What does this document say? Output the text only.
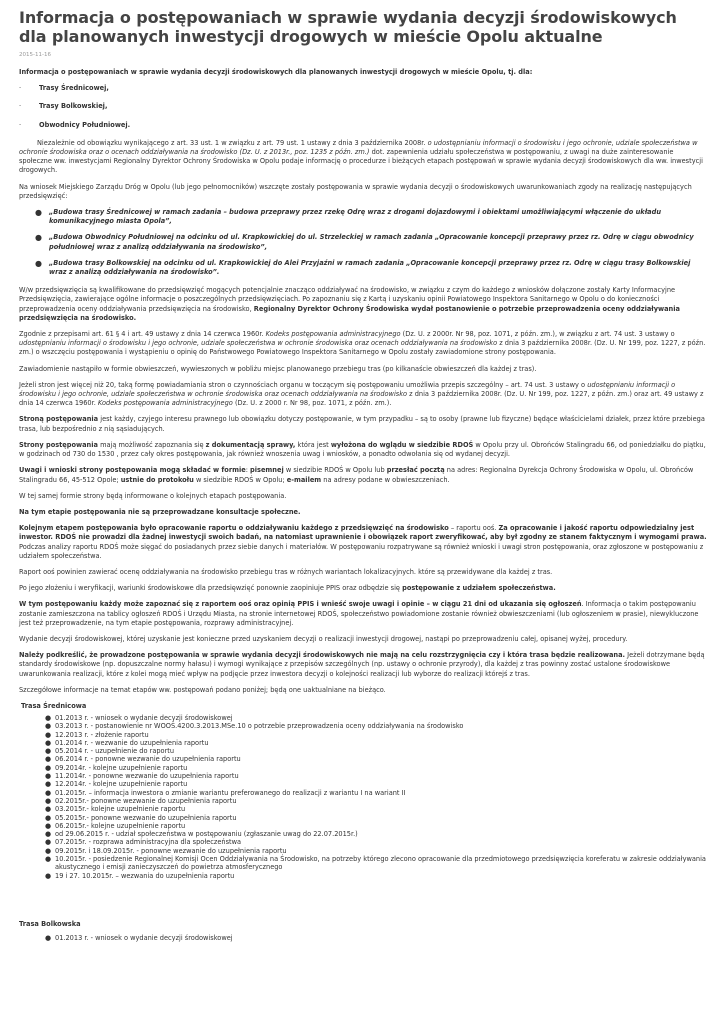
Informacja o postępowaniach w sprawie wydania decyzji środowiskowych dla planowanych inwestycji drogowych w mieście Opolu aktualne
2015-11-16

Informacja o postępowaniach w sprawie wydania decyzji środowiskowych dla planowanych inwestycji drogowych w mieście Opolu, tj. dla:

·	Trasy Średnicowej,
·	Trasy Bolkowskiej,
·	Obwodnicy Południowej.

Niezależnie od obowiązku wynikającego z art. 33 ust. 1 w związku z art. 79 ust. 1 ustawy z dnia 3 października 2008r. o udostępnianiu informacji o środowisku i jego ochronie, udziale społeczeństwa w ochronie środowiska oraz o ocenach oddziaływania na środowisko (Dz. U. z 2013r., poz. 1235 z późn. zm.) dot. zapewnienia udziału społeczeństwa w postępowaniu, z uwagi na duże zainteresowanie społeczne ww. inwestycjami Regionalny Dyrektor Ochrony Środowiska w Opolu podaje informację o procedurze i bieżących etapach postępowań w sprawie wydania decyzji środowiskowych dla ww. inwestycji drogowych.

Na wniosek Miejskiego Zarządu Dróg w Opolu (lub jego pełnomocników) wszczęte zostały postępowania w sprawie wydania decyzji o środowiskowych uwarunkowaniach zgody na realizację następujących przedsięwzięć:

●	„Budowa trasy Średnicowej w ramach zadania – budowa przeprawy przez rzekę Odrę wraz z drogami dojazdowymi i obiektami umożliwiającymi włączenie do układu komunikacyjnego miasta Opola”,
●	„Budowa Obwodnicy Południowej na odcinku od ul. Krapkowickiej do ul. Strzeleckiej w ramach zadania „Opracowanie koncepcji przeprawy przez rz. Odrę w ciągu obwodnicy południowej wraz z analizą oddziaływania na środowisko”,
●	„Budowa trasy Bolkowskiej na odcinku od ul. Krapkowickiej do Alei Przyjaźni w ramach zadania „Opracowanie koncepcji przeprawy przez rz. Odrę w ciągu trasy Bolkowskiej wraz z analizą oddziaływania na środowisko”.

W/w przedsięwzięcia są kwalifikowane do przedsięwzięć mogących potencjalnie znacząco oddziaływać na środowisko, w związku z czym do każdego z wniosków dołączone zostały Karty Informacyjne Przedsięwzięcia, zawierające ogólne informacje o poszczególnych przedsięwzięciach. Po zapoznaniu się z Kartą i uzyskaniu opinii Powiatowego Inspektora Sanitarnego w Opolu o do konieczności przeprowadzenia oceny oddziaływania przedsięwzięcia na środowisko, Regionalny Dyrektor Ochrony Środowiska wydał postanowienie o potrzebie przeprowadzenia oceny oddziaływania przedsięwzięcia na środowisko.

Zgodnie z przepisami art. 61 § 4 i art. 49 ustawy z dnia 14 czerwca 1960r. Kodeks postępowania administracyjnego (Dz. U. z 2000r. Nr 98, poz. 1071, z późn. zm.), w związku z art. 74 ust. 3 ustawy o udostępnianiu informacji o środowisku i jego ochronie, udziale społeczeństwa w ochronie środowiska oraz ocenach oddziaływania na środowisko z dnia 3 października 2008r. (Dz. U. Nr 199, poz. 1227, z późn. zm.) o wszczęciu postępowania i wystąpieniu o opinię do Państwowego Powiatowego Inspektora Sanitarnego w Opolu zostały zawiadomione strony postępowania.

Zawiadomienie nastąpiło w formie obwieszczeń, wywieszonych w pobliżu miejsc planowanego przebiegu tras (po kilkanaście obwieszczeń dla każdej z tras).

Jeżeli stron jest więcej niż 20, taką formę powiadamiania stron o czynnościach organu w toczącym się postępowaniu umożliwia przepis szczególny – art. 74 ust. 3 ustawy o udostępnianiu informacji o środowisku i jego ochronie, udziale społeczeństwa w ochronie środowiska oraz ocenach oddziaływania na środowisko z dnia 3 października 2008r. (Dz. U. Nr 199, poz. 1227, z późn. zm.) oraz art. 49 ustawy z dnia 14 czerwca 1960r. Kodeks postępowania administracyjnego (Dz. U. z 2000 r. Nr 98, poz. 1071, z późn. zm.).

Stroną postępowania jest każdy, czyjego interesu prawnego lub obowiązku dotyczy postępowanie, w tym przypadku – są to osoby (prawne lub fizyczne) będące właścicielami działek, przez które przebiega trasa, lub bezpośrednio z nią sąsiadujących.

Strony postępowania mają możliwość zapoznania się z dokumentacją sprawy, która jest wyłożona do wglądu w siedzibie RDOŚ w Opolu przy ul. Obrońców Stalingradu 66, od poniedziałku do piątku, w godzinach od 730 do 1530 , przez cały okres postępowania, jak również wnoszenia uwag i wniosków, a ponadto odwołania się od wydanej decyzji.

Uwagi i wnioski strony postępowania mogą składać w formie: pisemnej w siedzibie RDOŚ w Opolu lub przesłać pocztą na adres: Regionalna Dyrekcja Ochrony Środowiska w Opolu, ul. Obrońców Stalingradu 66, 45-512 Opole; ustnie do protokołu w siedzibie RDOŚ w Opolu; e-mailem na adresy podane w obwieszczeniach.

W tej samej formie strony będą informowane o kolejnych etapach postępowania.

Na tym etapie postępowania nie są przeprowadzane konsultacje społeczne.

Kolejnym etapem postępowania było opracowanie raportu o oddziaływaniu każdego z przedsięwzięć na środowisko – raportu ooś. Za opracowanie i jakość raportu odpowiedzialny jest inwestor. RDOŚ nie prowadzi dla żadnej inwestycji swoich badań, na natomiast uprawnienie i obowiązek raport zweryfikować, aby był zgodny ze stanem faktycznym i wymogami prawa. Podczas analizy raportu RDOŚ może sięgać do posiadanych przez siebie danych i materiałów. W postępowaniu rozpatrywane są również wnioski i uwagi stron postępowania, oraz zgłoszone w postępowaniu z udziałem społeczeństwa.

Raport ooś powinien zawierać ocenę oddziaływania na środowisko przebiegu tras w różnych wariantach lokalizacyjnych. które są przewidywane dla każdej z tras.

Po jego złożeniu i weryfikacji, wariunki środowiskowe dla przedsięwzięć ponownie zaopiniuje PPIS oraz odbędzie się postępowanie z udziałem społeczeństwa.

W tym postępowaniu każdy może zapoznać się z raportem ooś oraz opinią PPIS i wnieść swoje uwagi i opinie – w ciągu 21 dni od ukazania się ogłoszeń. Informacja o takim postępowaniu zostanie zamieszczona na tablicy ogłoszeń RDOŚ i Urzędu Miasta, na stronie internetowej RDOŚ, społeczeństwo powiadomione zostanie również obwieszczeniami (lub ogłoszeniem w prasie), niewykluczone jest też przeprowadzenie, na tym etapie postępowania, rozprawy administracyjnej.

Wydanie decyzji środowiskowej, której uzyskanie jest konieczne przed uzyskaniem decyzji o realizacji inwestycji drogowej, nastąpi po przeprowadzeniu całej, opisanej wyżej, procedury.

Należy podkreślić, że prowadzone postępowania w sprawie wydania decyzji środowiskowych nie mają na celu rozstrzygnięcia czy i która trasa będzie realizowana. Jeżeli dotrzymane będą standardy środowiskowe (np. dopuszczalne normy hałasu) i wymogi wynikające z przepisów szczególnych (np. ustawy o ochronie przyrody), dla każdej z tras powinny zostać ustalone środowiskowe uwarunkowania realizacji, które z kolei mogą mieć wpływ na podjęcie przez inwestora decyzji o kolejności realizacji lub wyborze do realizacji którejś z tras.

Szczegółowe informacje na temat etapów ww. postępowań podano poniżej; będą one uaktualniane na bieżąco.

Trasa Średnicowa
● 01.2013 r. - wniosek o wydanie decyzji środowiskowej
● 03.2013 r. - postanowienie nr WOOŚ.4200.3.2013.MSe.10 o potrzebie przeprowadzenia oceny oddziaływania na środowisko
● 12.2013 r. - złożenie raportu
● 01.2014 r. - wezwanie do uzupełnienia raportu
● 05.2014 r. - uzupełnienie do raportu
● 06.2014 r. - ponowne wezwanie do uzupełnienia raportu
● 09.2014r. - kolejne uzupełnienie raportu
● 11.2014r. - ponowne wezwanie do uzupełnienia raportu
● 12.2014r. - kolejne uzupełnienie raportu
● 01.2015r. – informacja inwestora o zmianie wariantu preferowanego do realizacji z wariantu I na wariant II
● 02.2015r.- ponowne wezwanie do uzupełnienia raportu
● 03.2015r.- kolejne uzupełnienie raportu
● 05.2015r.- ponowne wezwanie do uzupełnienia raportu
● 06.2015r.- kolejne uzupełnienie raportu
● od 29.06.2015 r. - udział społeczeństwa w postępowaniu (zgłaszanie uwag do 22.07.2015r.)
● 07.2015r. - rozprawa administracyjna dla społeczeństwa
● 09.2015r. i 18.09.2015r. - ponowne wezwanie do uzupełnienia raportu
● 10.2015r. - posiedzenie Regionalnej Komisji Ocen Oddziaływania na Środowisko, na potrzeby którego zlecono opracowanie dla przedmiotowego przedsięwzięcia koreferatu w zakresie oddziaływania akustycznego i emisji zanieczyszczeń do powietrza atmosferycznego
● 19 i 27. 10.2015r. – wezwania do uzupełnienia raportu
Trasa Bolkowska
● 01.2013 r. - wniosek o wydanie decyzji środowiskowej
